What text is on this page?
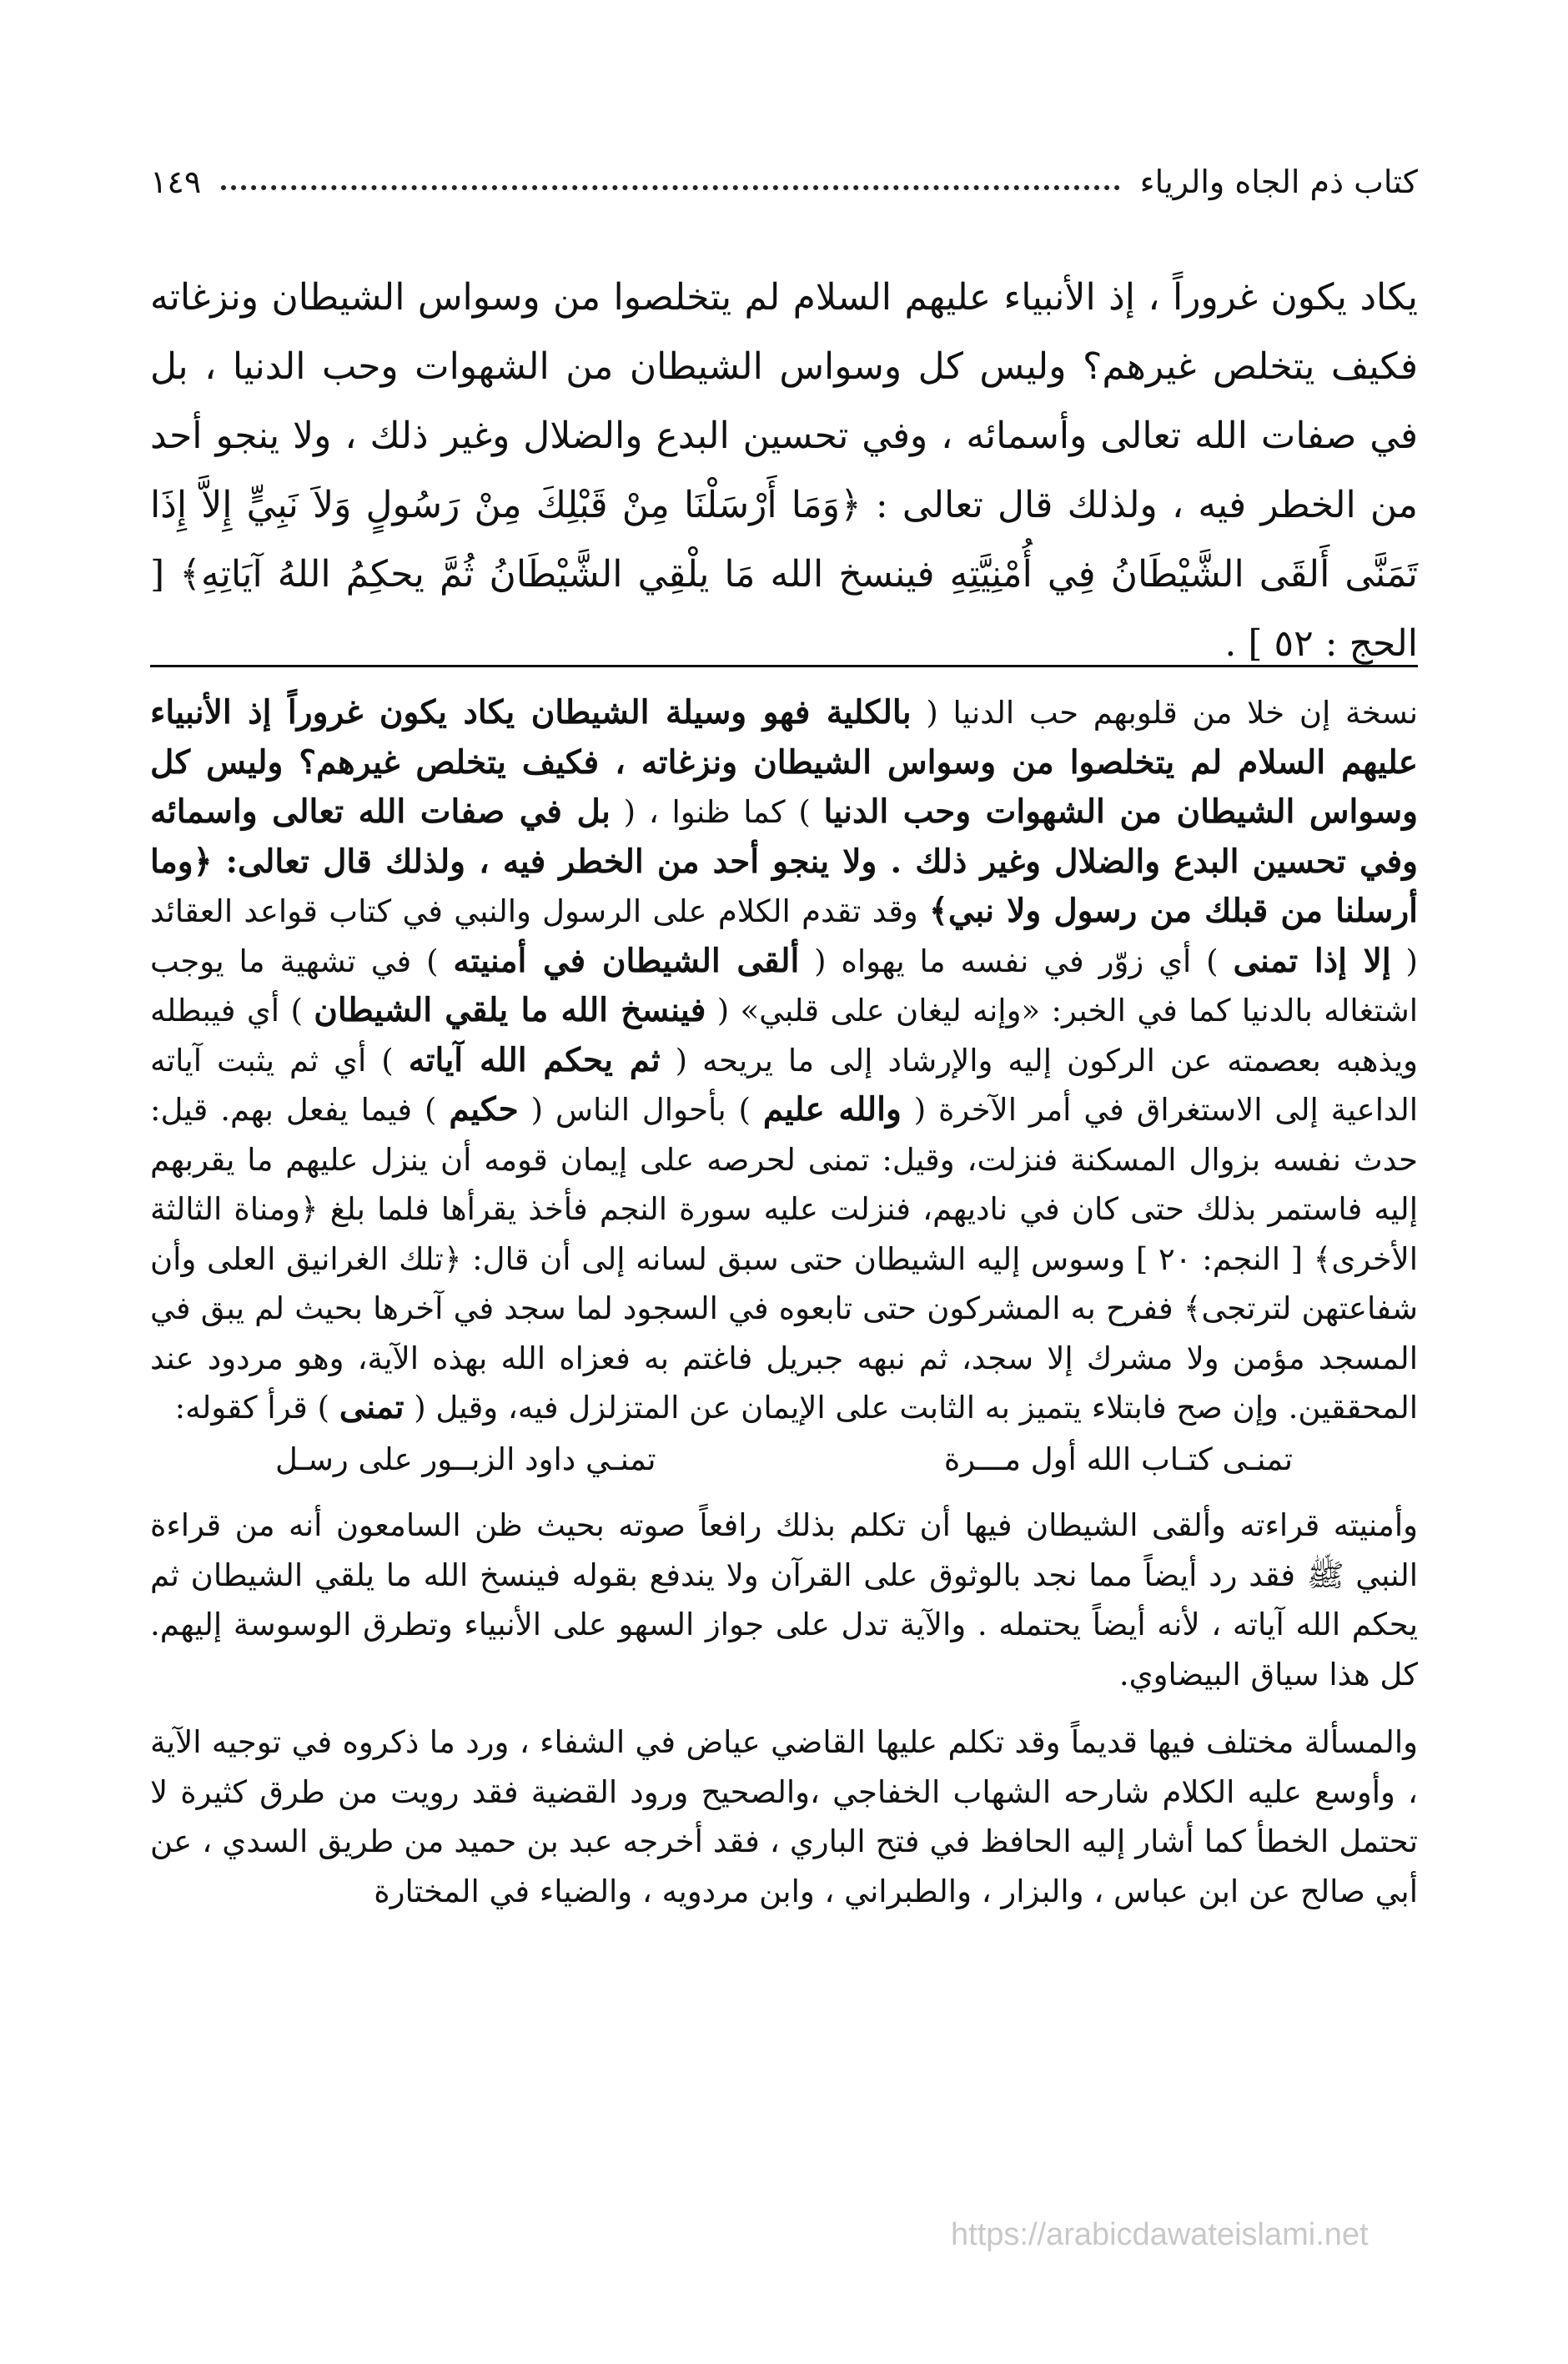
كتاب ذم الجاه والرياء
١٤٩

يكاد يكون غروراً ، إذ الأنبياء عليهم السلام لم يتخلصوا من وسواس الشيطان ونزغاته فكيف يتخلص غيرهم؟ وليس كل وسواس الشيطان من الشهوات وحب الدنيا ، بل في صفات الله تعالى وأسمائه ، وفي تحسين البدع والضلال وغير ذلك ، ولا ينجو أحد من الخطر فيه ، ولذلك قال تعالى : ﴿وَمَا أَرْسَلْنَا مِنْ قَبْلِكَ مِنْ رَسُولٍ وَلاَ نَبِيٍّ إِلاَّ إِذَا تَمَنَّى أَلقَى الشَّيْطَانُ فِي أُمْنِيَّتِهِ فينسخ الله مَا يلْقِي الشَّيْطَانُ ثُمَّ يحكِمُ اللهُ آيَاتِهِ﴾ [ الحج : ٥٢ ] .

نسخة إن خلا من قلوبهم حب الدنيا ( بالكلية فهو وسيلة الشيطان يكاد يكون غروراً إذ الأنبياء عليهم السلام لم يتخلصوا من وسواس الشيطان ونزغاته ، فكيف يتخلص غيرهم؟ وليس كل وسواس الشيطان من الشهوات وحب الدنيا ) كما ظنوا ، ( بل في صفات الله تعالى واسمائه وفي تحسين البدع والضلال وغير ذلك . ولا ينجو أحد من الخطر فيه ، ولذلك قال تعالى: ﴿وما أرسلنا من قبلك من رسول ولا نبي﴾ وقد تقدم الكلام على الرسول والنبي في كتاب قواعد العقائد ( إلا إذا تمنى ) أي زوّر في نفسه ما يهواه ( ألقى الشيطان في أمنيته ) في تشهية ما يوجب اشتغاله بالدنيا كما في الخبر: «وإنه ليغان على قلبي» ( فينسخ الله ما يلقي الشيطان ) أي فيبطله ويذهبه بعصمته عن الركون إليه والإرشاد إلى ما يريحه ( ثم يحكم الله آياته ) أي ثم يثبت آياته الداعية إلى الاستغراق في أمر الآخرة ( والله عليم ) بأحوال الناس ( حكيم ) فيما يفعل بهم. قيل: حدث نفسه بزوال المسكنة فنزلت، وقيل: تمنى لحرصه على إيمان قومه أن ينزل عليهم ما يقربهم إليه فاستمر بذلك حتى كان في ناديهم، فنزلت عليه سورة النجم فأخذ يقرأها فلما بلغ ﴿ومناة الثالثة الأخرى﴾ [ النجم: ٢٠ ] وسوس إليه الشيطان حتى سبق لسانه إلى أن قال: ﴿تلك الغرانيق العلى وأن شفاعتهن لترتجى﴾ ففرح به المشركون حتى تابعوه في السجود لما سجد في آخرها بحيث لم يبق في المسجد مؤمن ولا مشرك إلا سجد، ثم نبهه جبريل فاغتم به فعزاه الله بهذه الآية، وهو مردود عند المحققين. وإن صح فابتلاء يتميز به الثابت على الإيمان عن المتزلزل فيه، وقيل ( تمنى ) قرأ كقوله:

تمنـى كتـاب الله أول مـــرة
تمنـي داود الزبــور على رسـل

وأمنيته قراءته وألقى الشيطان فيها أن تكلم بذلك رافعاً صوته بحيث ظن السامعون أنه من قراءة النبي ﷺ فقد رد أيضاً مما نجد بالوثوق على القرآن ولا يندفع بقوله فينسخ الله ما يلقي الشيطان ثم يحكم الله آياته ، لأنه أيضاً يحتمله . والآية تدل على جواز السهو على الأنبياء وتطرق الوسوسة إليهم. كل هذا سياق البيضاوي.

والمسألة مختلف فيها قديماً وقد تكلم عليها القاضي عياض في الشفاء ، ورد ما ذكروه في توجيه الآية ، وأوسع عليه الكلام شارحه الشهاب الخفاجي ،والصحيح ورود القضية فقد رويت من طرق كثيرة لا تحتمل الخطأ كما أشار إليه الحافظ في فتح الباري ، فقد أخرجه عبد بن حميد من طريق السدي ، عن أبي صالح عن ابن عباس ، والبزار ، والطبراني ، وابن مردويه ، والضياء في المختارة

https://arabicdawateislami.net
